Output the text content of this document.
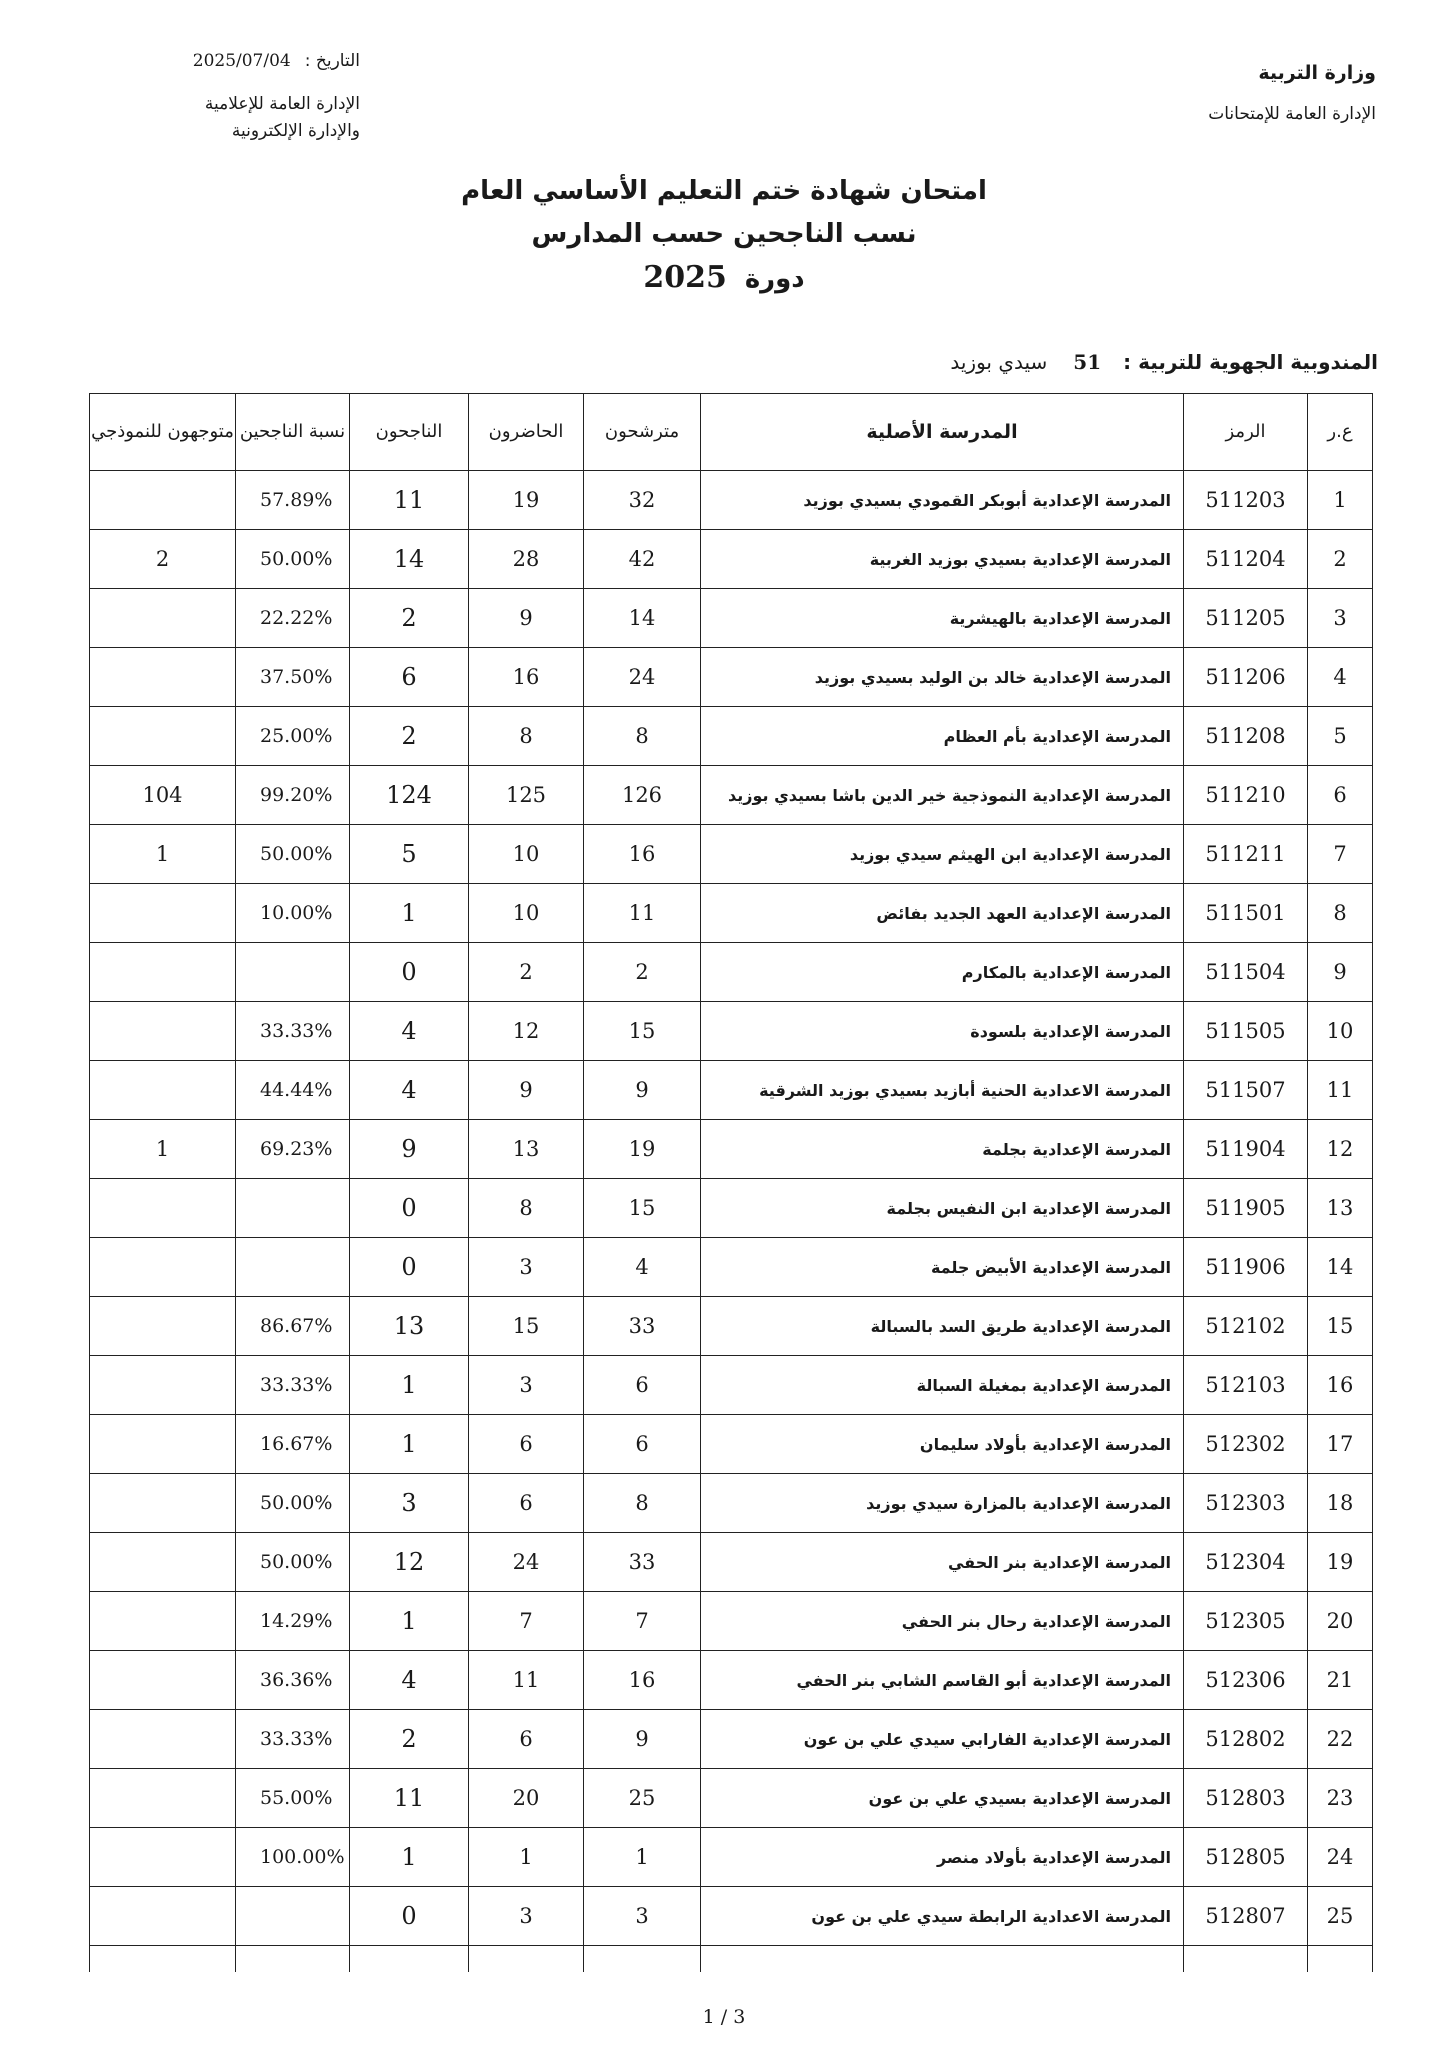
وزارة التربية
الإدارة العامة للإمتحانات
التاريخ :2025/07/04
الإدارة العامة للإعلامية
والإدارة الإلكترونية
امتحان شهادة ختم التعليم الأساسي العام
نسب الناجحين حسب المدارس
دورة2025
المندوبية الجهوية للتربية :51سيدي بوزيد
ع.ر	الرمز	المدرسة الأصلية	مترشحون	الحاضرون	الناجحون	نسبة الناجحين	متوجهون للنموذجي
1	511203	المدرسة الإعدادية أبوبكر القمودي بسيدي بوزيد	32	19	11	57.89%	
2	511204	المدرسة الإعدادية بسيدي بوزيد الغربية	42	28	14	50.00%	2
3	511205	المدرسة الإعدادية بالهيشرية	14	9	2	22.22%	
4	511206	المدرسة الإعدادية خالد بن الوليد بسيدي بوزيد	24	16	6	37.50%	
5	511208	المدرسة الإعدادية بأم العظام	8	8	2	25.00%	
6	511210	المدرسة الإعدادية النموذجية خير الدين باشا بسيدي بوزيد	126	125	124	99.20%	104
7	511211	المدرسة الإعدادية ابن الهيثم سيدي بوزيد	16	10	5	50.00%	1
8	511501	المدرسة الإعدادية العهد الجديد بفائض	11	10	1	10.00%	
9	511504	المدرسة الإعدادية بالمكارم	2	2	0		
10	511505	المدرسة الإعدادية بلسودة	15	12	4	33.33%	
11	511507	المدرسة الاعدادية الحنية أبازيد بسيدي بوزيد الشرقية	9	9	4	44.44%	
12	511904	المدرسة الإعدادية بجلمة	19	13	9	69.23%	1
13	511905	المدرسة الإعدادية ابن النفيس بجلمة	15	8	0		
14	511906	المدرسة الإعدادية الأبيض جلمة	4	3	0		
15	512102	المدرسة الإعدادية طريق السد بالسبالة	33	15	13	86.67%	
16	512103	المدرسة الإعدادية بمغيلة السبالة	6	3	1	33.33%	
17	512302	المدرسة الإعدادية بأولاد سليمان	6	6	1	16.67%	
18	512303	المدرسة الإعدادية بالمزارة سيدي بوزيد	8	6	3	50.00%	
19	512304	المدرسة الإعدادية بنر الحفي	33	24	12	50.00%	
20	512305	المدرسة الإعدادية رحال بنر الحفي	7	7	1	14.29%	
21	512306	المدرسة الإعدادية أبو القاسم الشابي بنر الحفي	16	11	4	36.36%	
22	512802	المدرسة الإعدادية الفارابي سيدي علي بن عون	9	6	2	33.33%	
23	512803	المدرسة الإعدادية بسيدي علي بن عون	25	20	11	55.00%	
24	512805	المدرسة الإعدادية بأولاد منصر	1	1	1	100.00%	
25	512807	المدرسة الاعدادية الرابطة سيدي علي بن عون	3	3	0		

1 / 3
